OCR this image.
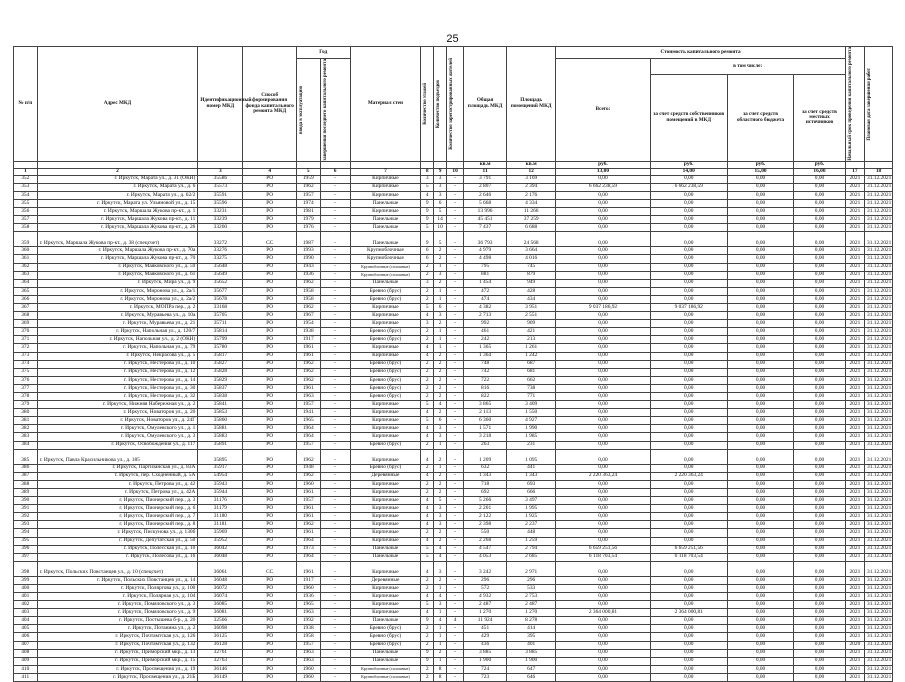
25
№ п/п	Адрес МКД	Идентификационный номер МКД	Способ формирования фонда капитального ремонта МКД	Год		Материал стен	Количество этажей	Количество подъездов	Количество зарегистрированных жителей	Общая площадь МКД	Площадь помещений МКД	Стоимость капитального ремонта				Начальный срок проведения капитального ремонта	Плановая дата завершения работ

				ввода в эксплуатацию	завершения последнего капитального ремонта							Всего:	в том числе:				
													за счет средств собственников помещений в МКД	за счет средств областного бюджета	за счет средств местных источников		
										кв.м	кв.м	руб.	руб.	руб.	руб.		
1	2	3	4	5	6	7	8	9	10	11	12	13,00	14,00	15,00	16,00	17	18
352	г. Иркутск, Марата ул., д. 31 (ОКН)	35586	РО	1959	-	Кирпичные	3	3	-	3 791	3 169	0,00	0,00	0,00	0,00	2021	31.12.2021
353	г. Иркутск, Марата ул., д. 6	35573	РО	1962	-	Кирпичные	5	3	-	2 807	2 394	6 662 238,59	6 662 238,59	0,00	0,00	2021	31.12.2021
354	г. Иркутск, Марата ул., д. 62/2	35591	РО	1957	-	Кирпичные	4	3	-	2 646	2 176	0,00	0,00	0,00	0,00	2021	31.12.2021
355	г. Иркутск, Марата ул. Ульяновой ул., д. 15	35596	РО	1974	-	Панельные	9	6	-	5 668	4 334	0,00	0,00	0,00	0,00	2021	31.12.2021
356	г. Иркутск, Маршала Жукова пр-кт., д. 1	33231	РО	1981	-	Кирпичные	9	5	-	13 996	11 266	0,00	0,00	0,00	0,00	2021	31.12.2021
357	г. Иркутск, Маршала Жукова пр-кт., д. 11	33239	РО	1979	-	Панельные	9	14	-	45 451	37 259	0,00	0,00	0,00	0,00	2021	31.12.2021
358	г. Иркутск, Маршала Жукова пр-кт., д. 26	33260	РО	1976	-	Панельные	5	10	-	7 437	6 688	0,00	0,00	0,00	0,00	2021	31.12.2021
359	г. Иркутск, Маршала Жукова пр-кт., д. 38 (спецсчет)	33272	СС	1987	-	Панельные	9	5	-	36 793	24 568	0,00	0,00	0,00	0,00	2021	31.12.2021
360	г. Иркутск, Маршала Жукова пр-кт., д. 70а	33276	РО	1993	-	Крупноблочные	6	2	-	4 979	3 664	0,00	0,00	0,00	0,00	2021	31.12.2021
361	г. Иркутск, Маршала Жукова пр-кт., д. 70	33275	РО	1990	-	Крупноблочные	6	2	-	4 498	4 016	0,00	0,00	0,00	0,00	2021	31.12.2021
362	г. Иркутск, Маяковского ул., д. 59	35648	РО	1943	-	Крупноблочные (сплошные)	2	1	-	795	745	0,00	0,00	0,00	0,00	2021	31.12.2021
363	г. Иркутск, Маяковского ул., д. 61	35649	РО	1936	-	Крупноблочные (сплошные)	2	3	-	881	879	0,00	0,00	0,00	0,00	2021	31.12.2021
364	г. Иркутск, Мира ул., д. 9	35652	РО	1962	-	Панельные	3	2	-	1 454	949	0,00	0,00	0,00	0,00	2021	31.12.2021
365	г. Иркутск, Миронова ул., д. 2а/1	35677	РО	1958	-	Бревно (брус)	2	1	-	472	428	0,00	0,00	0,00	0,00	2021	31.12.2021
366	г. Иркутск, Миронова ул., д. 2а/2	35678	РО	1958	-	Бревно (брус)	2	1	-	474	434	0,00	0,00	0,00	0,00	2021	31.12.2021
367	г. Иркутск, МОПРа пер., д. 2	33168	РО	1962	-	Кирпичные	5	6	-	4 382	3 951	9 037 186,92	9 037 186,92	0,00	0,00	2021	31.12.2021
368	г. Иркутск, Муравьева ул., д. 10а	35705	РО	1967	-	Кирпичные	4	3	-	2 713	2 551	0,00	0,00	0,00	0,00	2021	31.12.2021
369	г. Иркутск, Муравьева ул., д. 21	35711	РО	1954	-	Кирпичные	3	2	-	992	909	0,00	0,00	0,00	0,00	2021	31.12.2021
370	г. Иркутск, Напольная ул., д. 120/7	35814	РО	1938	-	Бревно (брус)	2	1	-	461	421	0,00	0,00	0,00	0,00	2021	31.12.2021
371	г. Иркутск, Напольная ул., д. 2 (ОКН)	35799	РО	1917	-	Бревно (брус)	2	1	-	242	213	0,00	0,00	0,00	0,00	2021	31.12.2021
372	г. Иркутск, Напольная ул., д. 79	35780	РО	1961	-	Кирпичные	4	1	-	1 365	1 261	0,00	0,00	0,00	0,00	2021	31.12.2021
373	г. Иркутск, Некрасова ул., д. 5	35817	РО	1961	-	Кирпичные	4	2	-	1 364	1 242	0,00	0,00	0,00	0,00	2021	31.12.2021
374	г. Иркутск, Нестерова ул., д. 10	35827	РО	1962	-	Бревно (брус)	2	2	-	748	687	0,00	0,00	0,00	0,00	2021	31.12.2021
375	г. Иркутск, Нестерова ул., д. 12	35828	РО	1962	-	Бревно (брус)	2	2	-	742	681	0,00	0,00	0,00	0,00	2021	31.12.2021
376	г. Иркутск, Нестерова ул., д. 14	35829	РО	1962	-	Бревно (брус)	2	2	-	722	662	0,00	0,00	0,00	0,00	2021	31.12.2021
377	г. Иркутск, Нестерова ул., д. 30	35837	РО	1961	-	Бревно (брус)	2	2	-	816	738	0,00	0,00	0,00	0,00	2021	31.12.2021
378	г. Иркутск, Нестерова ул., д. 32	35838	РО	1963	-	Бревно (брус)	2	2	-	822	771	0,00	0,00	0,00	0,00	2021	31.12.2021
379	г. Иркутск, Нижняя Набережная ул., д. 2	35841	РО	1957	-	Кирпичные	5	4	-	3 865	3 409	0,00	0,00	0,00	0,00	2021	31.12.2021
380	г. Иркутск, Новаторов ул., д. 20	35853	РО	1941	-	Кирпичные	4	2	-	2 113	1 550	0,00	0,00	0,00	0,00	2021	31.12.2021
381	г. Иркутск, Новаторов ул., д. 24Г	35860	РО	1965	-	Кирпичные	5	6	-	6 360	4 927	0,00	0,00	0,00	0,00	2021	31.12.2021
382	г. Иркутск, Омулевского ул., д. 1	35881	РО	1964	-	Кирпичные	4	3	-	1 571	1 990	0,00	0,00	0,00	0,00	2021	31.12.2021
383	г. Иркутск, Омулевского ул., д. 3	35883	РО	1964	-	Кирпичные	4	3	-	3 218	1 985	0,00	0,00	0,00	0,00	2021	31.12.2021
384	г. Иркутск, Освобождения ул., д. 117	35891	РО	1957	-	Бревно (брус)	2	1	-	263	231	0,00	0,00	0,00	0,00	2021	31.12.2021
385	г. Иркутск, Павла Красильникова ул., д. 185	35895	РО	1962	-	Кирпичные	4	2	-	1 209	1 095	0,00	0,00	0,00	0,00	2021	31.12.2021
386	г. Иркутск, Партизанская ул., д. 83А	35917	РО	1948	-	Бревно (брус)	2	1	-	632	441	0,00	0,00	0,00	0,00	2021	31.12.2021
387	г. Иркутск, пер. Сходненный, д. 5А	54954	РО	1962	-	Деревянные	4	2	-	1 343	1 343	2 220 363,24	2 220 363,24	0,00	0,00	2021	31.12.2021
388	г. Иркутск, Петрова ул., д. 42	35943	РО	1960	-	Кирпичные	2	2	-	718	693	0,00	0,00	0,00	0,00	2021	31.12.2021
389	г. Иркутск, Петрова ул., д. 42А	35944	РО	1961	-	Кирпичные	2	2	-	692	666	0,00	0,00	0,00	0,00	2021	31.12.2021
390	г. Иркутск, Пионерский пер., д. 3	31176	РО	1957	-	Кирпичные	4	5	-	5 266	3 497	0,00	0,00	0,00	0,00	2021	31.12.2021
391	г. Иркутск, Пионерский пер., д. 6	31179	РО	1961	-	Кирпичные	4	3	-	2 201	1 995	0,00	0,00	0,00	0,00	2021	31.12.2021
392	г. Иркутск, Пионерский пер., д. 7	31180	РО	1961	-	Кирпичные	4	3	-	2 122	1 925	0,00	0,00	0,00	0,00	2021	31.12.2021
393	г. Иркутск, Пионерский пер., д. 8	31181	РО	1962	-	Кирпичные	4	3	-	2 398	2 237	0,00	0,00	0,00	0,00	2021	31.12.2021
394	г. Иркутск, Пискунова ул., д. 130б	35969	РО	1961	-	Кирпичные	2	2	-	550	448	0,00	0,00	0,00	0,00	2021	31.12.2021
395	г. Иркутск, Депутатская ул., д. 50	35952	РО	1964	-	Кирпичные	4	2	-	2 268	1 259	0,00	0,00	0,00	0,00	2021	31.12.2021
396	г. Иркутск, Полесская ул., д. 10	36042	РО	1973	-	Панельные	5	4	-	4 547	2 794	6 659 251,56	6 659 251,56	0,00	0,00	2021	31.12.2021
397	г. Иркутск, Полесова ул., д. 16	36048	РО	1964	-	Панельные	5	4	-	4 053	2 685	6 118 703,54	6 118 703,54	0,00	0,00	2021	31.12.2021
398	г. Иркутск, Польских Повстанцев ул., д. 10 (спецсчет)	36061	СС	1961	-	Кирпичные	4	3	-	3 242	2 971	0,00	0,00	0,00	0,00	2021	31.12.2021
399	г. Иркутск, Польских Повстанцев ул., д. 14	36048	РО	1917	-	Деревянные	2	2	-	296	296	0,00	0,00	0,00	0,00	2021	31.12.2021
400	г. Иркутск, Поляргова ул., д. 100	36072	РО	1960	-	Кирпичные	2	1	-	572	533	0,00	0,00	0,00	0,00	2021	31.12.2021
401	г. Иркутск, Полярная ул., д. 104	36074	РО	1936	-	Кирпичные	4	4	-	4 932	2 753	0,00	0,00	0,00	0,00	2021	31.12.2021
402	г. Иркутск, Помяловского ул., д. 3	36085	РО	1965	-	Кирпичные	5	3	-	2 487	2 487	0,00	0,00	0,00	0,00	2021	31.12.2021
403	г. Иркутск, Помяловского ул., д. 9	36081	РО	1963	-	Кирпичные	4	1	-	1 270	1 270	2 364 000,81	2 364 000,81	0,00	0,00	2021	31.12.2021
404	г. Иркутск, Постышева б-р., д. 20	32566	РО	1992	-	Панельные	9	4	4	11 924	8 278	0,00	0,00	0,00	0,00	2021	31.12.2021
405	г. Иркутск, Потанина ул., д. 2	36098	РО	1938	-	Бревно (брус)	2	1	-	451	414	0,00	0,00	0,00	0,00	2021	31.12.2021
406	г. Иркутск, Почтамтская ул., д. 126	36125	РО	1958	-	Бревно (брус)	2	1	-	429	395	0,00	0,00	0,00	0,00	2021	31.12.2021
407	г. Иркутск, Почтамтская ул., д. 132	36128	РО	1957	-	Бревно (брус)	2	1	-	436	401	0,00	0,00	0,00	0,00	2020	31.12.2021
408	г. Иркутск, Приморский мкр., д. 13	32761	РО	1963	-	Панельные	9	2	-	3 885	3 885	0,00	0,00	0,00	0,00	2021	31.12.2021
409	г. Иркутск, Приморский мкр., д. 15	32763	РО	1963	-	Панельные	9	1	-	1 900	1 900	0,00	0,00	0,00	0,00	2021	31.12.2021
410	г. Иркутск, Просвещения ул., д. 19	36146	РО	1960	-	Крупноблочные (сплошные)	2	8	-	724	647	0,00	0,00	0,00	0,00	2021	31.12.2021
411	г. Иркутск, Просвещения ул., д. 21Б	36149	РО	1960	-	Крупноблочные (сплошные)	2	8	-	723	646	0,00	0,00	0,00	0,00	2021	31.12.2021
